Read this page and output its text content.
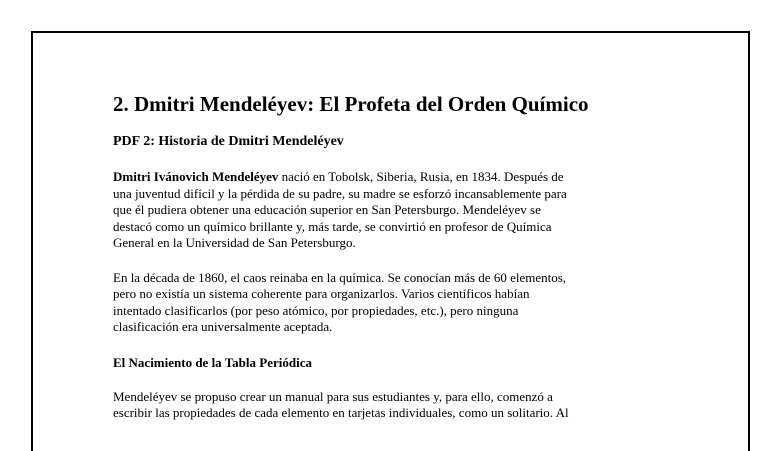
2. Dmitri Mendeléyev: El Profeta del Orden Químico
PDF 2: Historia de Dmitri Mendeléyev

Dmitri Ivánovich Mendeléyev nació en Tobolsk, Siberia, Rusia, en 1834. Después de
una juventud difícil y la pérdida de su padre, su madre se esforzó incansablemente para
que él pudiera obtener una educación superior en San Petersburgo. Mendeléyev se
destacó como un químico brillante y, más tarde, se convirtió en profesor de Química
General en la Universidad de San Petersburgo.

En la década de 1860, el caos reinaba en la química. Se conocían más de 60 elementos,
pero no existía un sistema coherente para organizarlos. Varios científicos habían
intentado clasificarlos (por peso atómico, por propiedades, etc.), pero ninguna
clasificación era universalmente aceptada.

El Nacimiento de la Tabla Periódica

Mendeléyev se propuso crear un manual para sus estudiantes y, para ello, comenzó a
escribir las propiedades de cada elemento en tarjetas individuales, como un solitario. Al
